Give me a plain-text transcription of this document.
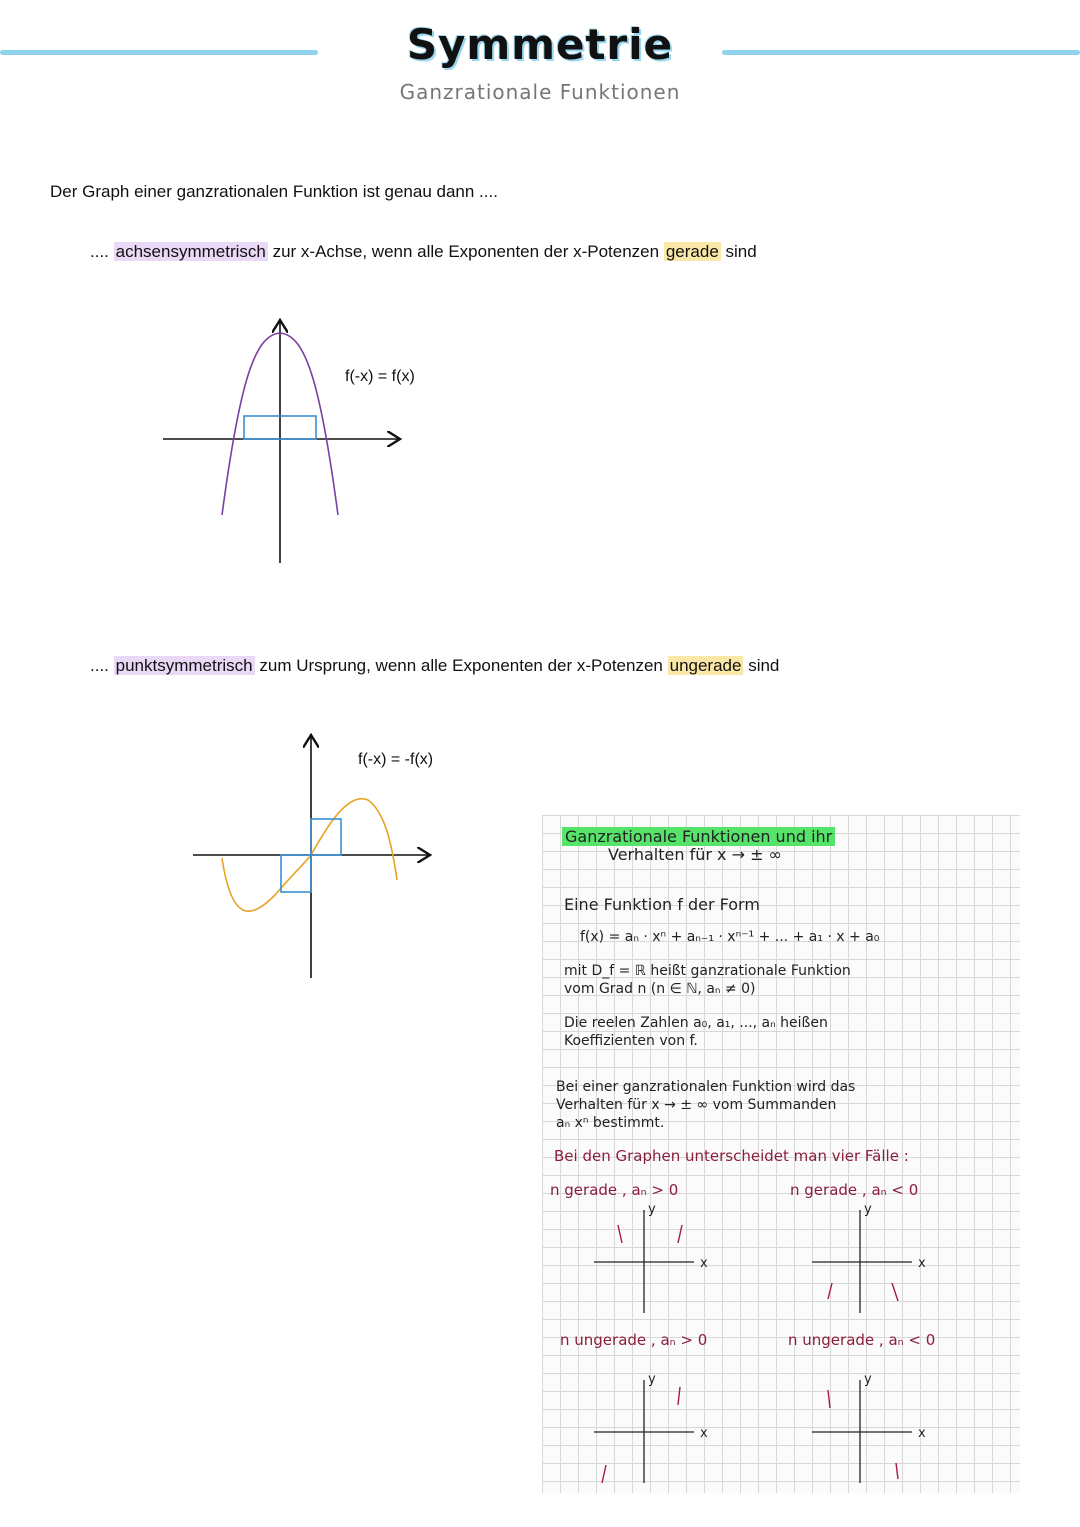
Symmetrie
Ganzrationale Funktionen
Der Graph einer ganzrationalen Funktion ist genau dann ....
.... achsensymmetrisch zur x-Achse, wenn alle Exponenten der x-Potenzen gerade sind
.... punktsymmetrisch zum Ursprung, wenn alle Exponenten der x-Potenzen ungerade sind
f(-x) = f(x)
f(-x) = -f(x)
Ganzrationale Funktionen und ihr
Verhalten für x → ± ∞
Eine Funktion f der Form
f(x) = aₙ · xⁿ + aₙ₋₁ · xⁿ⁻¹ + ... + a₁ · x + a₀
mit D_f = ℝ heißt ganzrationale Funktion
vom Grad n (n ∈ ℕ, aₙ ≠ 0)
Die reelen Zahlen a₀, a₁, ..., aₙ heißen
Koeffizienten von f.
Bei einer ganzrationalen Funktion wird das
Verhalten für x → ± ∞ vom Summanden
aₙ xⁿ bestimmt.
Bei den Graphen unterscheidet man vier Fälle :
n gerade , aₙ > 0	n gerade , aₙ < 0
n ungerade , aₙ > 0	n ungerade , aₙ < 0
x
y
x
y
x
y
x
y
